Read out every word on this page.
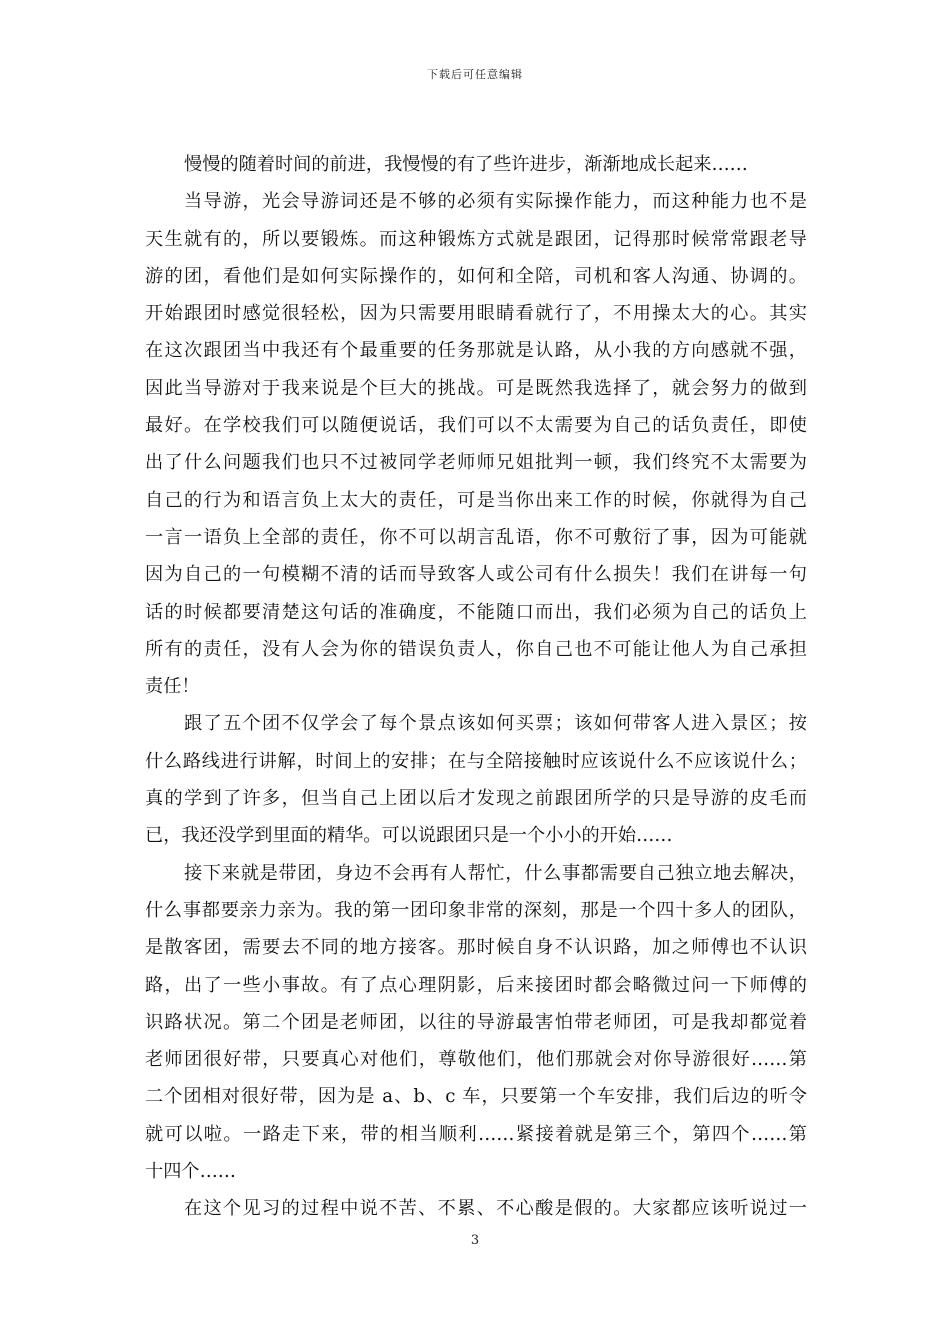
下载后可任意编辑
慢慢的随着时间的前进，我慢慢的有了些许进步，渐渐地成长起来……
当导游，光会导游词还是不够的必须有实际操作能力，而这种能力也不是
天生就有的，所以要锻炼。而这种锻炼方式就是跟团，记得那时候常常跟老导
游的团，看他们是如何实际操作的，如何和全陪，司机和客人沟通、协调的。
开始跟团时感觉很轻松，因为只需要用眼睛看就行了，不用操太大的心。其实
在这次跟团当中我还有个最重要的任务那就是认路，从小我的方向感就不强，
因此当导游对于我来说是个巨大的挑战。可是既然我选择了，就会努力的做到
最好。在学校我们可以随便说话，我们可以不太需要为自己的话负责任，即使
出了什么问题我们也只不过被同学老师师兄姐批判一顿，我们终究不太需要为
自己的行为和语言负上太大的责任，可是当你出来工作的时候，你就得为自己
一言一语负上全部的责任，你不可以胡言乱语，你不可敷衍了事，因为可能就
因为自己的一句模糊不清的话而导致客人或公司有什么损失！我们在讲每一句
话的时候都要清楚这句话的准确度，不能随口而出，我们必须为自己的话负上
所有的责任，没有人会为你的错误负责人，你自己也不可能让他人为自己承担
责任！
跟了五个团不仅学会了每个景点该如何买票；该如何带客人进入景区；按
什么路线进行讲解，时间上的安排；在与全陪接触时应该说什么不应该说什么；
真的学到了许多，但当自己上团以后才发现之前跟团所学的只是导游的皮毛而
已，我还没学到里面的精华。可以说跟团只是一个小小的开始……
接下来就是带团，身边不会再有人帮忙，什么事都需要自己独立地去解决，
什么事都要亲力亲为。我的第一团印象非常的深刻，那是一个四十多人的团队，
是散客团，需要去不同的地方接客。那时候自身不认识路，加之师傅也不认识
路，出了一些小事故。有了点心理阴影，后来接团时都会略微过问一下师傅的
识路状况。第二个团是老师团，以往的导游最害怕带老师团，可是我却都觉着
老师团很好带，只要真心对他们，尊敬他们，他们那就会对你导游很好……第
二个团相对很好带，因为是 a、b、c 车，只要第一个车安排，我们后边的听令
就可以啦。一路走下来，带的相当顺利……紧接着就是第三个，第四个……第
十四个……
在这个见习的过程中说不苦、不累、不心酸是假的。大家都应该听说过一
3
